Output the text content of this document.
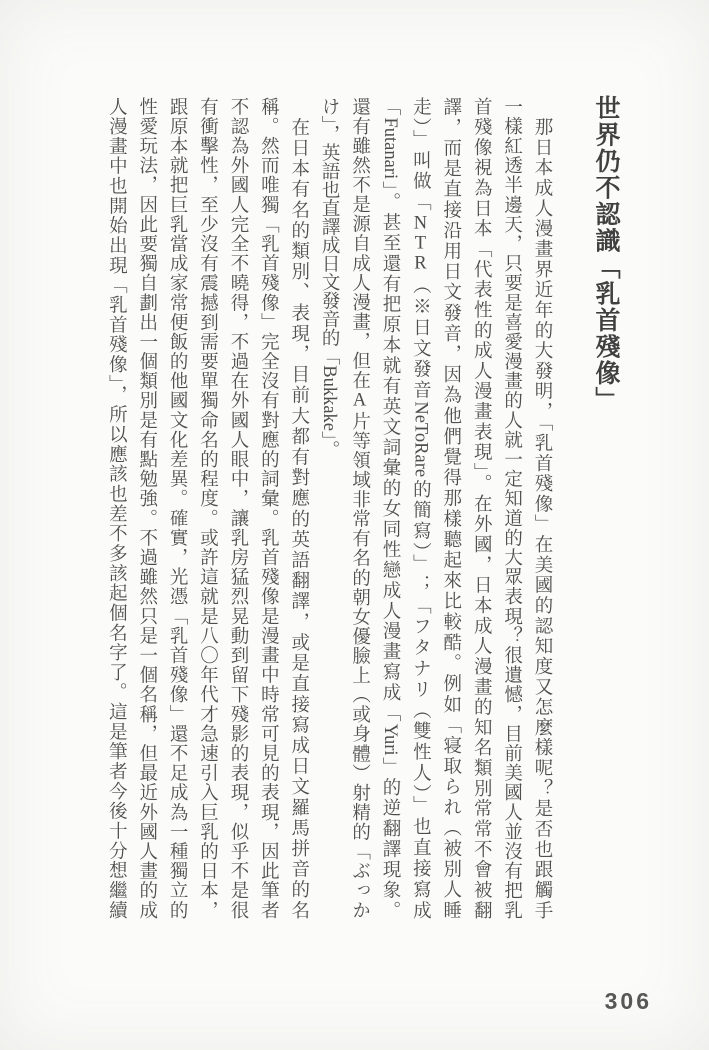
世界仍不認識「乳首殘像」
　那日本成人漫畫界近年的大發明，「乳首殘像」在美國的認知度又怎麼樣呢？是否也跟觸手
一樣紅透半邊天，只要是喜愛漫畫的人就一定知道的大眾表現？很遺憾，目前美國人並沒有把乳
首殘像視為日本「代表性的成人漫畫表現」。在外國，日本成人漫畫的知名類別常常不會被翻
譯，而是直接沿用日文發音，因為他們覺得那樣聽起來比較酷。例如「寝取られ（被別人睡
走）」叫做「NTR（※日文發音NeToRare的簡寫）」；「フタナリ（雙性人）」也直接寫成
「Futanari」。甚至還有把原本就有英文詞彙的女同性戀成人漫畫寫成「Yuri」的逆翻譯現象。
還有雖然不是源自成人漫畫，但在A片等領域非常有名的朝女優臉上（或身體）射精的「ぶっか
け」，英語也直譯成日文發音的「Bukkake」。
　在日本有名的類別、表現，目前大都有對應的英語翻譯，或是直接寫成日文羅馬拼音的名
稱。然而唯獨「乳首殘像」完全沒有對應的詞彙。乳首殘像是漫畫中時常可見的表現，因此筆者
不認為外國人完全不曉得，不過在外國人眼中，讓乳房猛烈晃動到留下殘影的表現，似乎不是很
有衝擊性，至少沒有震撼到需要單獨命名的程度。或許這就是八〇年代才急速引入巨乳的日本，
跟原本就把巨乳當成家常便飯的他國文化差異。確實，光憑「乳首殘像」還不足成為一種獨立的
性愛玩法，因此要獨自劃出一個類別是有點勉強。不過雖然只是一個名稱，但最近外國人畫的成
人漫畫中也開始出現「乳首殘像」，所以應該也差不多該起個名字了。這是筆者今後十分想繼續
306
